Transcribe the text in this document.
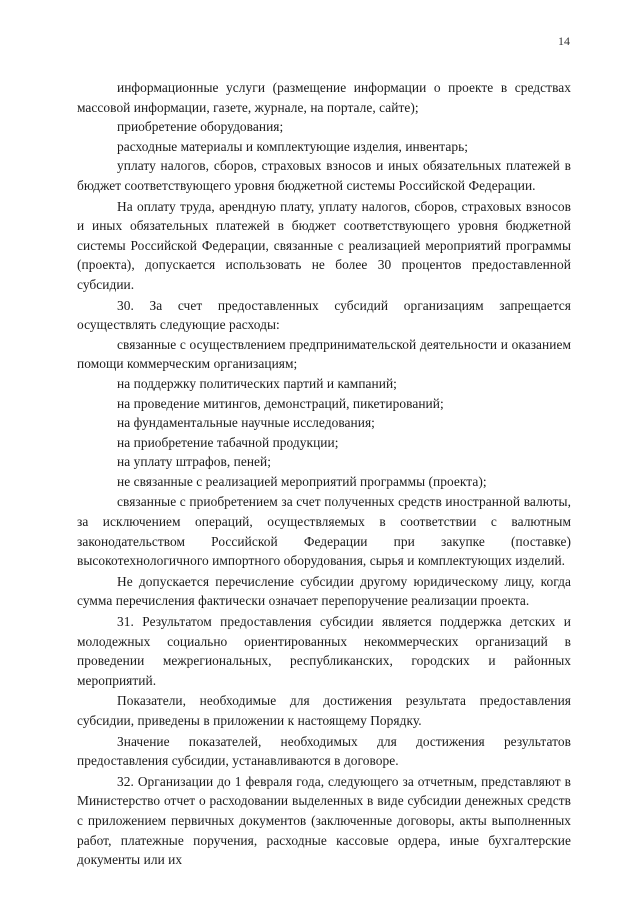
14

информационные услуги (размещение информации о проекте в средствах массовой информации, газете, журнале, на портале, сайте);

приобретение оборудования;

расходные материалы и комплектующие изделия, инвентарь;

уплату налогов, сборов, страховых взносов и иных обязательных платежей в бюджет соответствующего уровня бюджетной системы Российской Федерации.

На оплату труда, арендную плату, уплату налогов, сборов, страховых взносов и иных обязательных платежей в бюджет соответствующего уровня бюджетной системы Российской Федерации, связанные с реализацией мероприятий программы (проекта), допускается использовать не более 30 процентов предоставленной субсидии.

30. За счет предоставленных субсидий организациям запрещается осуществлять следующие расходы:

связанные с осуществлением предпринимательской деятельности и оказанием помощи коммерческим организациям;

на поддержку политических партий и кампаний;

на проведение митингов, демонстраций, пикетирований;

на фундаментальные научные исследования;

на приобретение табачной продукции;

на уплату штрафов, пеней;

не связанные с реализацией мероприятий программы (проекта);

связанные с приобретением за счет полученных средств иностранной валюты, за исключением операций, осуществляемых в соответствии с валютным законодательством Российской Федерации при закупке (поставке) высокотехнологичного импортного оборудования, сырья и комплектующих изделий.

Не допускается перечисление субсидии другому юридическому лицу, когда сумма перечисления фактически означает перепоручение реализации проекта.

31. Результатом предоставления субсидии является поддержка детских и молодежных социально ориентированных некоммерческих организаций в проведении межрегиональных, республиканских, городских и районных мероприятий.

Показатели, необходимые для достижения результата предоставления субсидии, приведены в приложении к настоящему Порядку.

Значение показателей, необходимых для достижения результатов предоставления субсидии, устанавливаются в договоре.

32. Организации до 1 февраля года, следующего за отчетным, представляют в Министерство отчет о расходовании выделенных в виде субсидии денежных средств с приложением первичных документов (заключенные договоры, акты выполненных работ, платежные поручения, расходные кассовые ордера, иные бухгалтерские документы или их
